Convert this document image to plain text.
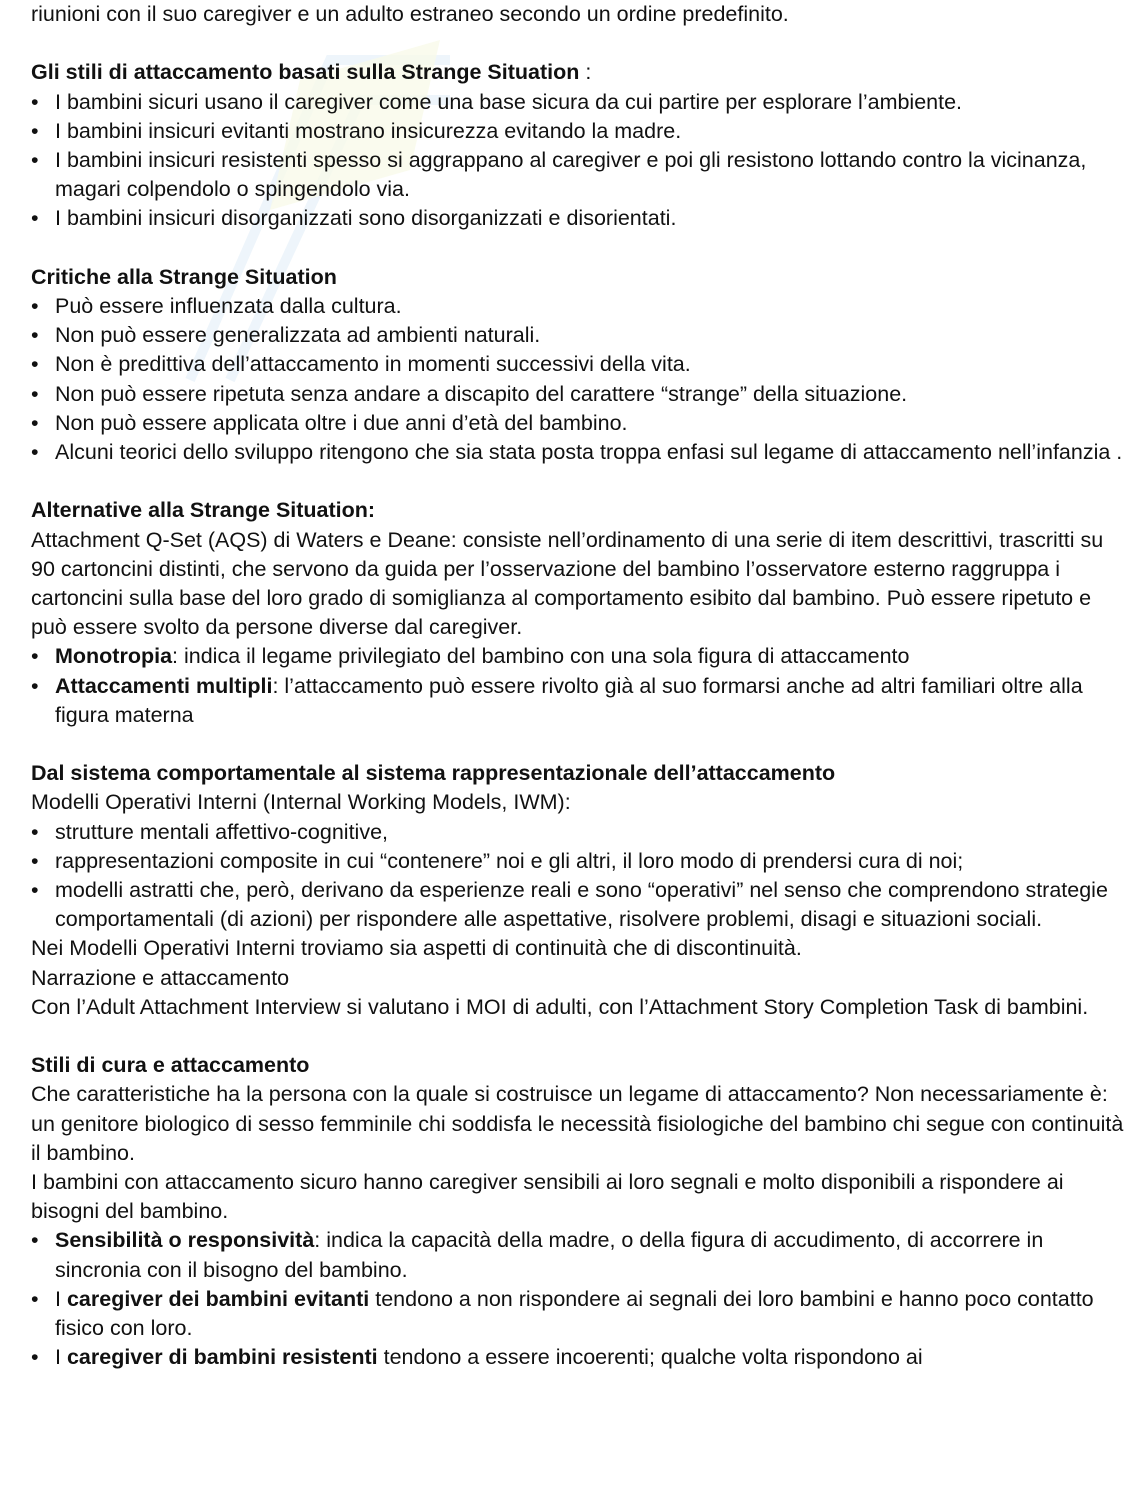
riunioni con il suo caregiver e un adulto estraneo secondo un ordine predefinito.

Gli stili di attaccamento basati sulla Strange Situation :

• I bambini sicuri usano il caregiver come una base sicura da cui partire per esplorare l’ambiente.
• I bambini insicuri evitanti mostrano insicurezza evitando la madre.
• I bambini insicuri resistenti spesso si aggrappano al caregiver e poi gli resistono lottando contro la vicinanza, magari colpendolo o spingendolo via.
• I bambini insicuri disorganizzati sono disorganizzati e disorientati.

Critiche alla Strange Situation

• Può essere influenzata dalla cultura.
• Non può essere generalizzata ad ambienti naturali.
• Non è predittiva dell’attaccamento in momenti successivi della vita.
• Non può essere ripetuta senza andare a discapito del carattere “strange” della situazione.
• Non può essere applicata oltre i due anni d’età del bambino.
• Alcuni teorici dello sviluppo ritengono che sia stata posta troppa enfasi sul legame di attaccamento nell’infanzia .

Alternative alla Strange Situation:

Attachment Q-Set (AQS) di Waters e Deane: consiste nell’ordinamento di una serie di item descrittivi, trascritti su 90 cartoncini distinti, che servono da guida per l’osservazione del bambino l’osservatore esterno raggruppa i cartoncini sulla base del loro grado di somiglianza al comportamento esibito dal bambino. Può essere ripetuto e può essere svolto da persone diverse dal caregiver.

• Monotropia: indica il legame privilegiato del bambino con una sola figura di attaccamento
• Attaccamenti multipli: l’attaccamento può essere rivolto già al suo formarsi anche ad altri familiari oltre alla figura materna

Dal sistema comportamentale al sistema rappresentazionale dell’attaccamento

Modelli Operativi Interni (Internal Working Models, IWM):

• strutture mentali affettivo-cognitive,
• rappresentazioni composite in cui “contenere” noi e gli altri, il loro modo di prendersi cura di noi;
• modelli astratti che, però, derivano da esperienze reali e sono “operativi” nel senso che comprendono strategie comportamentali (di azioni) per rispondere alle aspettative, risolvere problemi, disagi e situazioni sociali.

Nei Modelli Operativi Interni troviamo sia aspetti di continuità che di discontinuità.

Narrazione e attaccamento

Con l’Adult Attachment Interview si valutano i MOI di adulti, con l’Attachment Story Completion Task di bambini.

Stili di cura e attaccamento

Che caratteristiche ha la persona con la quale si costruisce un legame di attaccamento? Non necessariamente è: un genitore biologico di sesso femminile chi soddisfa le necessità fisiologiche del bambino chi segue con continuità il bambino.

I bambini con attaccamento sicuro hanno caregiver sensibili ai loro segnali e molto disponibili a rispondere ai bisogni del bambino.

• Sensibilità o responsività: indica la capacità della madre, o della figura di accudimento, di accorrere in sincronia con il bisogno del bambino.
• I caregiver dei bambini evitanti tendono a non rispondere ai segnali dei loro bambini e hanno poco contatto fisico con loro.
• I caregiver di bambini resistenti tendono a essere incoerenti; qualche volta rispondono ai
